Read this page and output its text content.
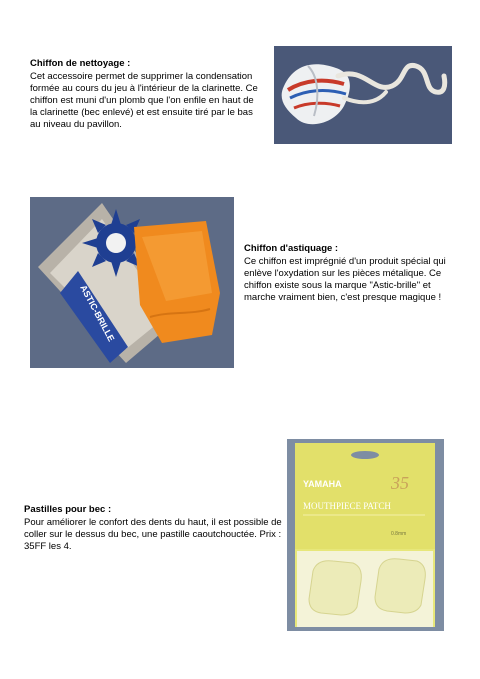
Chiffon de nettoyage :
Cet accessoire permet de supprimer la condensation formée au cours du jeu à l'intérieur de la clarinette. Ce chiffon est muni d'un plomb que l'on enfile en haut de la clarinette (bec enlevé) et est ensuite tiré par le bas au niveau du pavillon.
ASTIC-BRILLE
Chiffon d'astiquage :
Ce chiffon est imprégnié d'un produit spécial qui enlève l'oxydation sur les pièces métalique. Ce chiffon existe sous la marque "Astic-brille" et marche vraiment bien, c'est presque magique !
Pastilles pour bec :
Pour améliorer le confort des dents du haut, il est possible de coller sur le dessus du bec, une pastille caoutchouctée. Prix : 35FF les 4.
YAMAHA	35
MOUTHPIECE PATCH
0.8mm
